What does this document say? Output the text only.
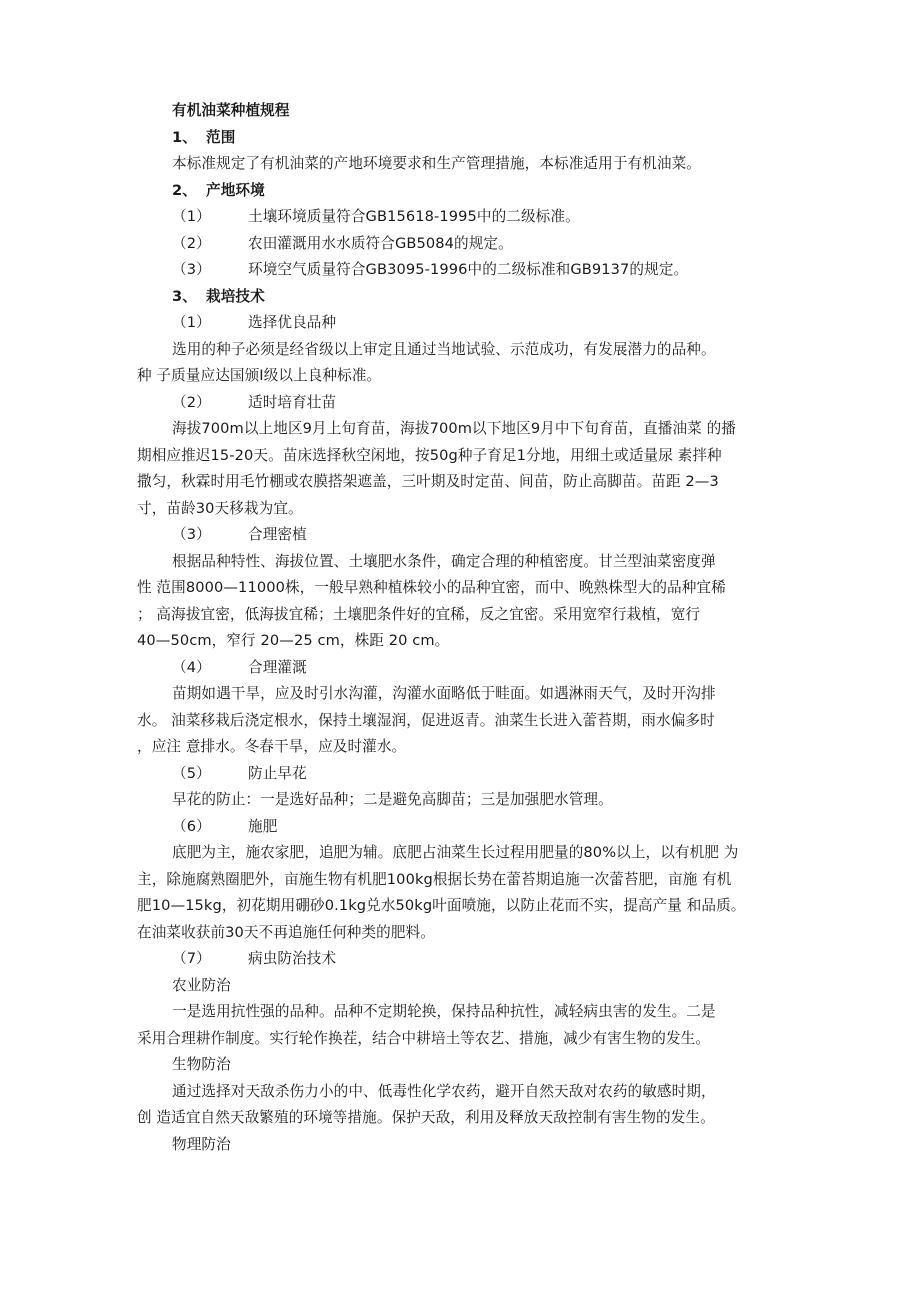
有机油菜种植规程
1、 范围
本标准规定了有机油菜的产地环境要求和生产管理措施，本标准适用于有机油菜。
2、 产地环境
（1）	土壤环境质量符合GB15618-1995中的二级标准。
（2）	农田灌溉用水水质符合GB5084的规定。
（3）	环境空气质量符合GB3095-1996中的二级标准和GB9137的规定。
3、 栽培技术
（1）	选择优良品种
选用的种子必须是经省级以上审定且通过当地试验、示范成功，有发展潜力的品种。
种 子质量应达国颁I级以上良种标准。
（2）	适时培育壮苗
海拔700m以上地区9月上旬育苗，海拔700m以下地区9月中下旬育苗，直播油菜 的播
期相应推迟15-20天。苗床选择秋空闲地，按50g种子育足1分地，用细土或适量尿 素拌种
撒匀，秋霖时用毛竹棚或农膜搭架遮盖，三叶期及时定苗、间苗，防止高脚苗。苗距 2—3
寸，苗龄30天移栽为宜。
（3）	合理密植
根据品种特性、海拔位置、土壤肥水条件，确定合理的种植密度。甘兰型油菜密度弹
性 范围8000—11000株，一般早熟种植株较小的品种宜密，而中、晚熟株型大的品种宜稀
； 高海拔宜密，低海拔宜稀；土壤肥条件好的宜稀，反之宜密。采用宽窄行栽植，宽行
40—50cm，窄行 20—25 cm，株距 20 cm。
（4）	合理灌溉
苗期如遇干旱，应及时引水沟灌，沟灌水面略低于畦面。如遇淋雨天气，及时开沟排
水。 油菜移栽后浇定根水，保持土壤湿润，促进返青。油菜生长进入蕾苔期，雨水偏多时
，应注 意排水。冬春干旱，应及时灌水。
（5）	防止早花
早花的防止：一是选好品种；二是避免高脚苗；三是加强肥水管理。
（6）	施肥
底肥为主，施农家肥，追肥为辅。底肥占油菜生长过程用肥量的80%以上，以有机肥 为
主，除施腐熟圈肥外，亩施生物有机肥100kg根据长势在蕾苔期追施一次蕾苔肥，亩施 有机
肥10—15kg，初花期用硼砂0.1kg兑水50kg叶面喷施，以防止花而不实，提高产量 和品质。
在油菜收获前30天不再追施任何种类的肥料。
（7）	病虫防治技术
农业防治
一是选用抗性强的品种。品种不定期轮换，保持品种抗性，减轻病虫害的发生。二是
采用合理耕作制度。实行轮作换茬，结合中耕培土等农艺、措施，减少有害生物的发生。
生物防治
通过选择对天敌杀伤力小的中、低毒性化学农药，避开自然天敌对农药的敏感时期，
创 造适宜自然天敌繁殖的环境等措施。保护天敌，利用及释放天敌控制有害生物的发生。
物理防治
